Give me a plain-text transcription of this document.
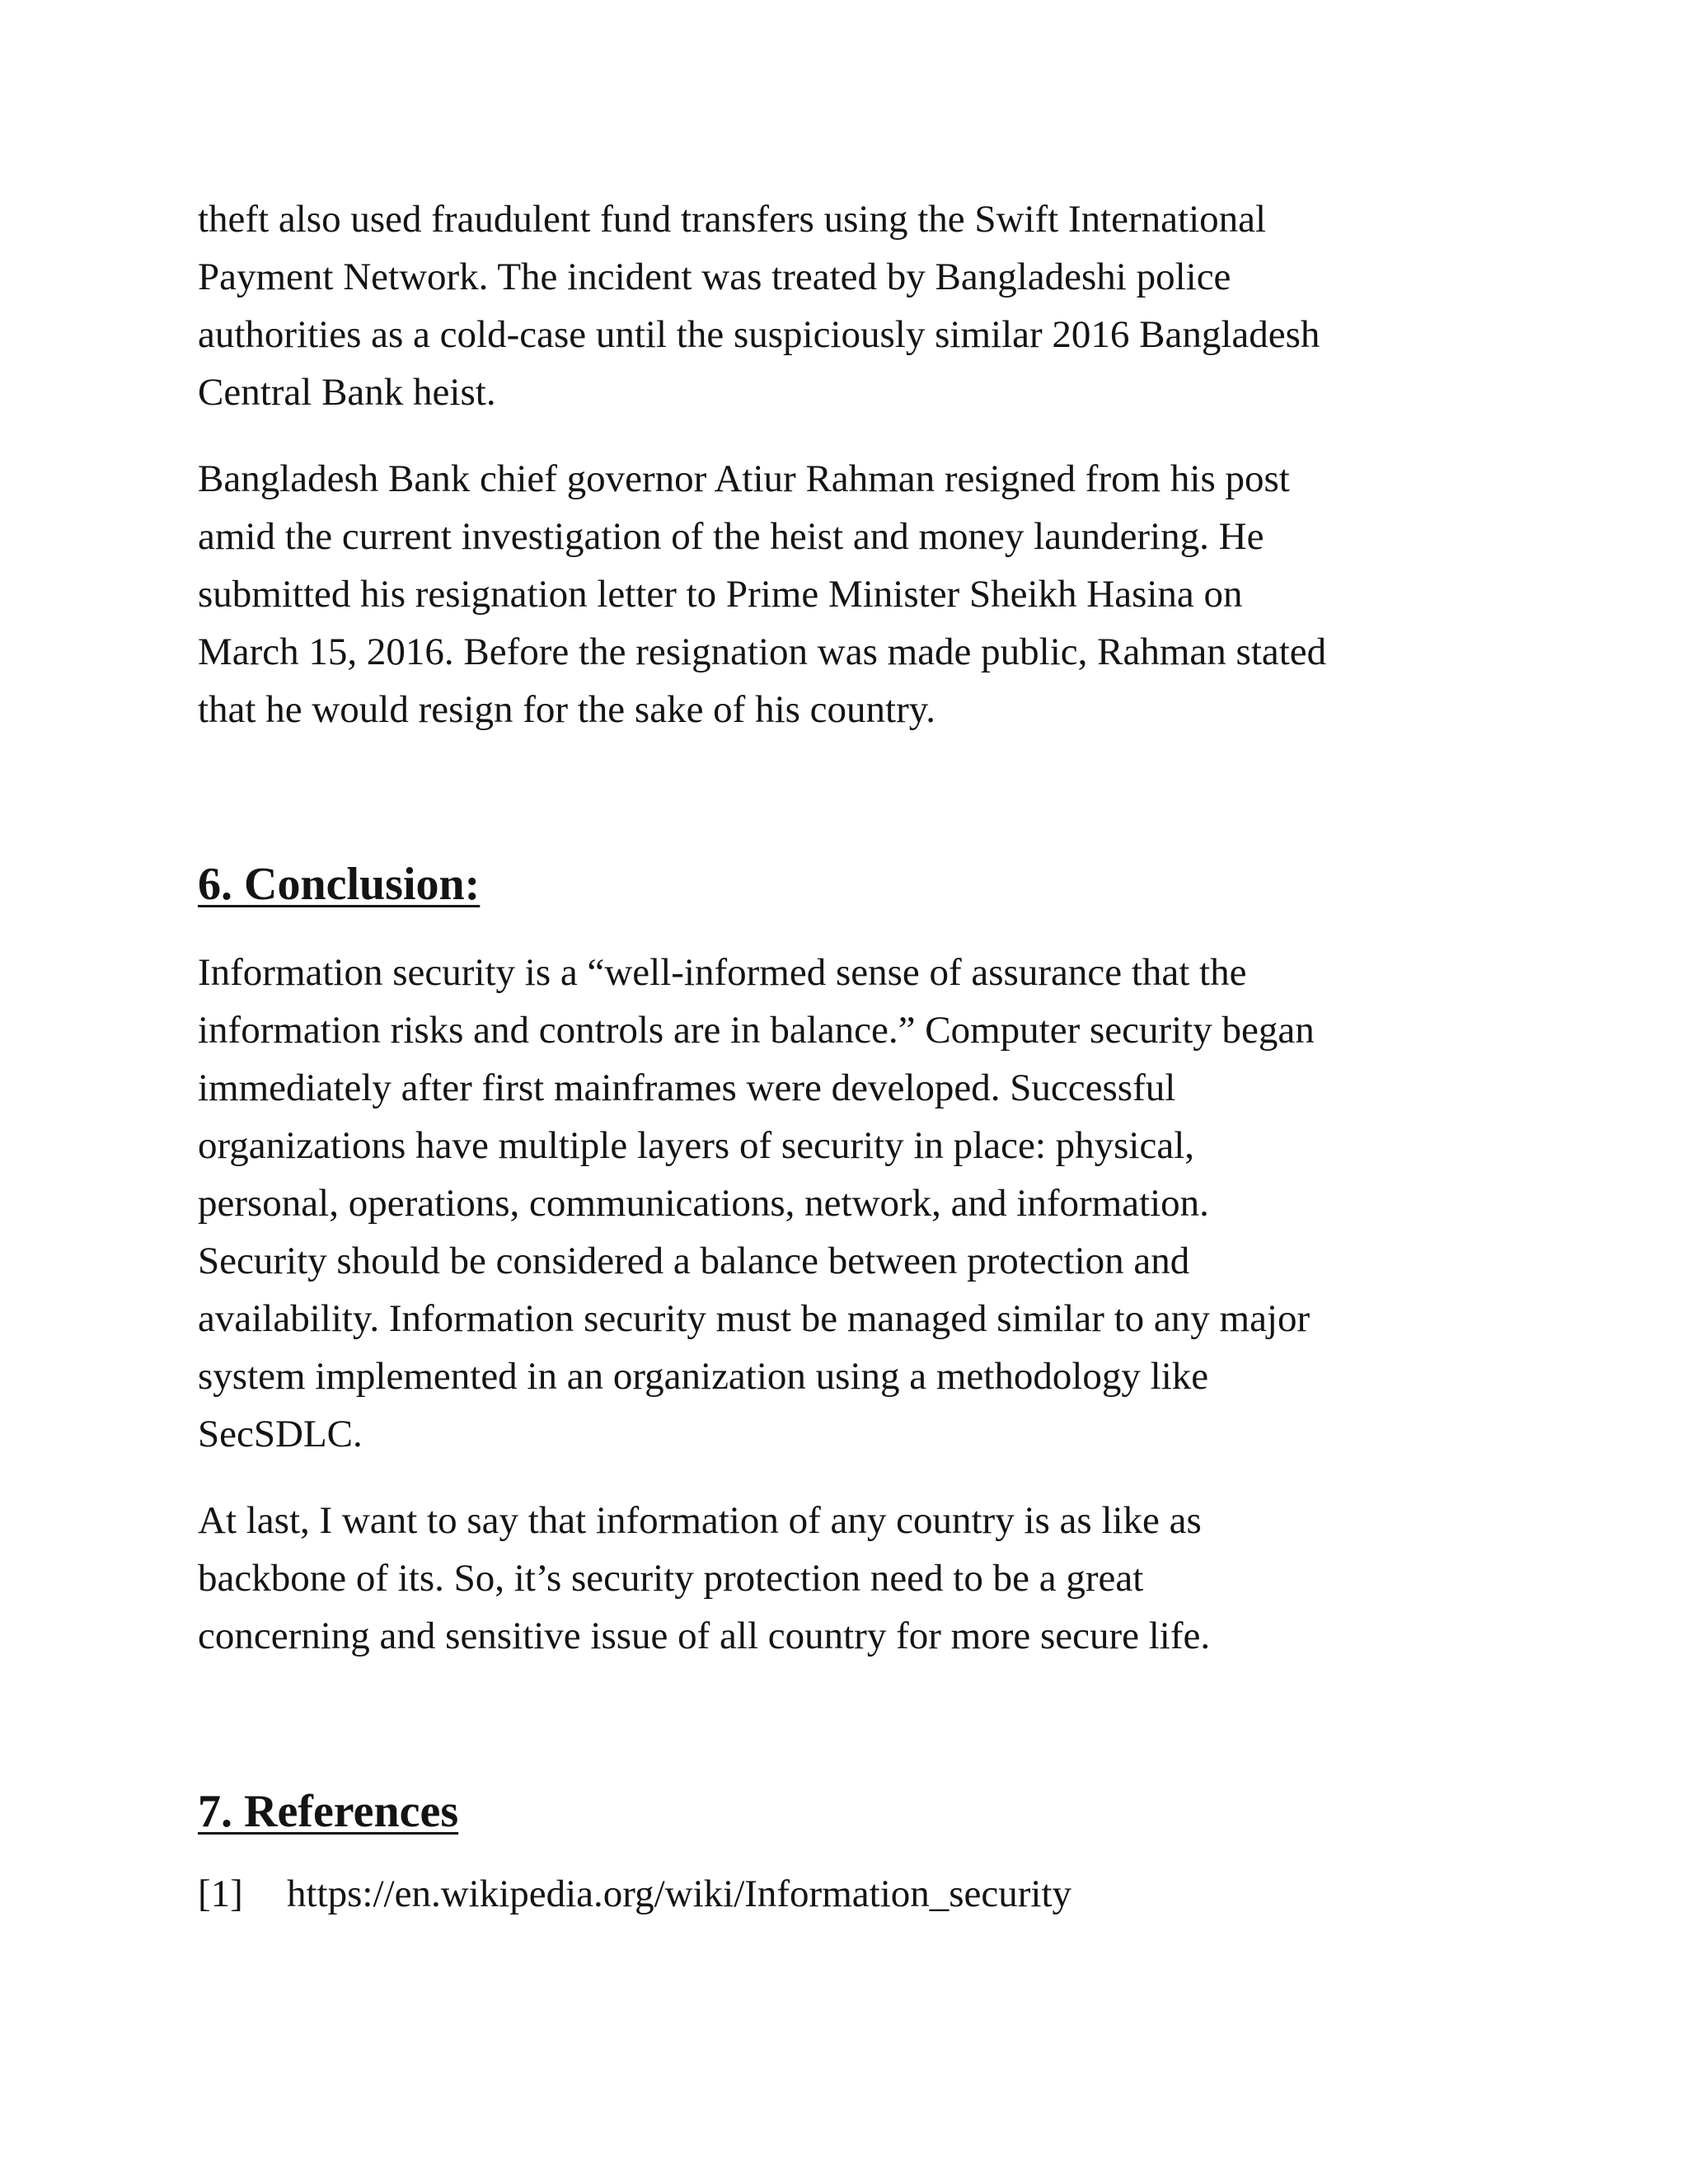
theft also used fraudulent fund transfers using the Swift International

Payment Network. The incident was treated by Bangladeshi police

authorities as a cold-case until the suspiciously similar 2016 Bangladesh

Central Bank heist.

Bangladesh Bank chief governor Atiur Rahman resigned from his post

amid the current investigation of the heist and money laundering. He

submitted his resignation letter to Prime Minister Sheikh Hasina on

March 15, 2016. Before the resignation was made public, Rahman stated

that he would resign for the sake of his country.

6. Conclusion:

Information security is a “well-informed sense of assurance that the

information risks and controls are in balance.” Computer security began

immediately after first mainframes were developed. Successful

organizations have multiple layers of security in place: physical,

personal, operations, communications, network, and information.

Security should be considered a balance between protection and

availability. Information security must be managed similar to any major

system implemented in an organization using a methodology like

SecSDLC.

At last, I want to say that information of any country is as like as

backbone of its. So, it’s security protection need to be a great

concerning and sensitive issue of all country for more secure life.

7. References
[1] https://en.wikipedia.org/wiki/Information_security
